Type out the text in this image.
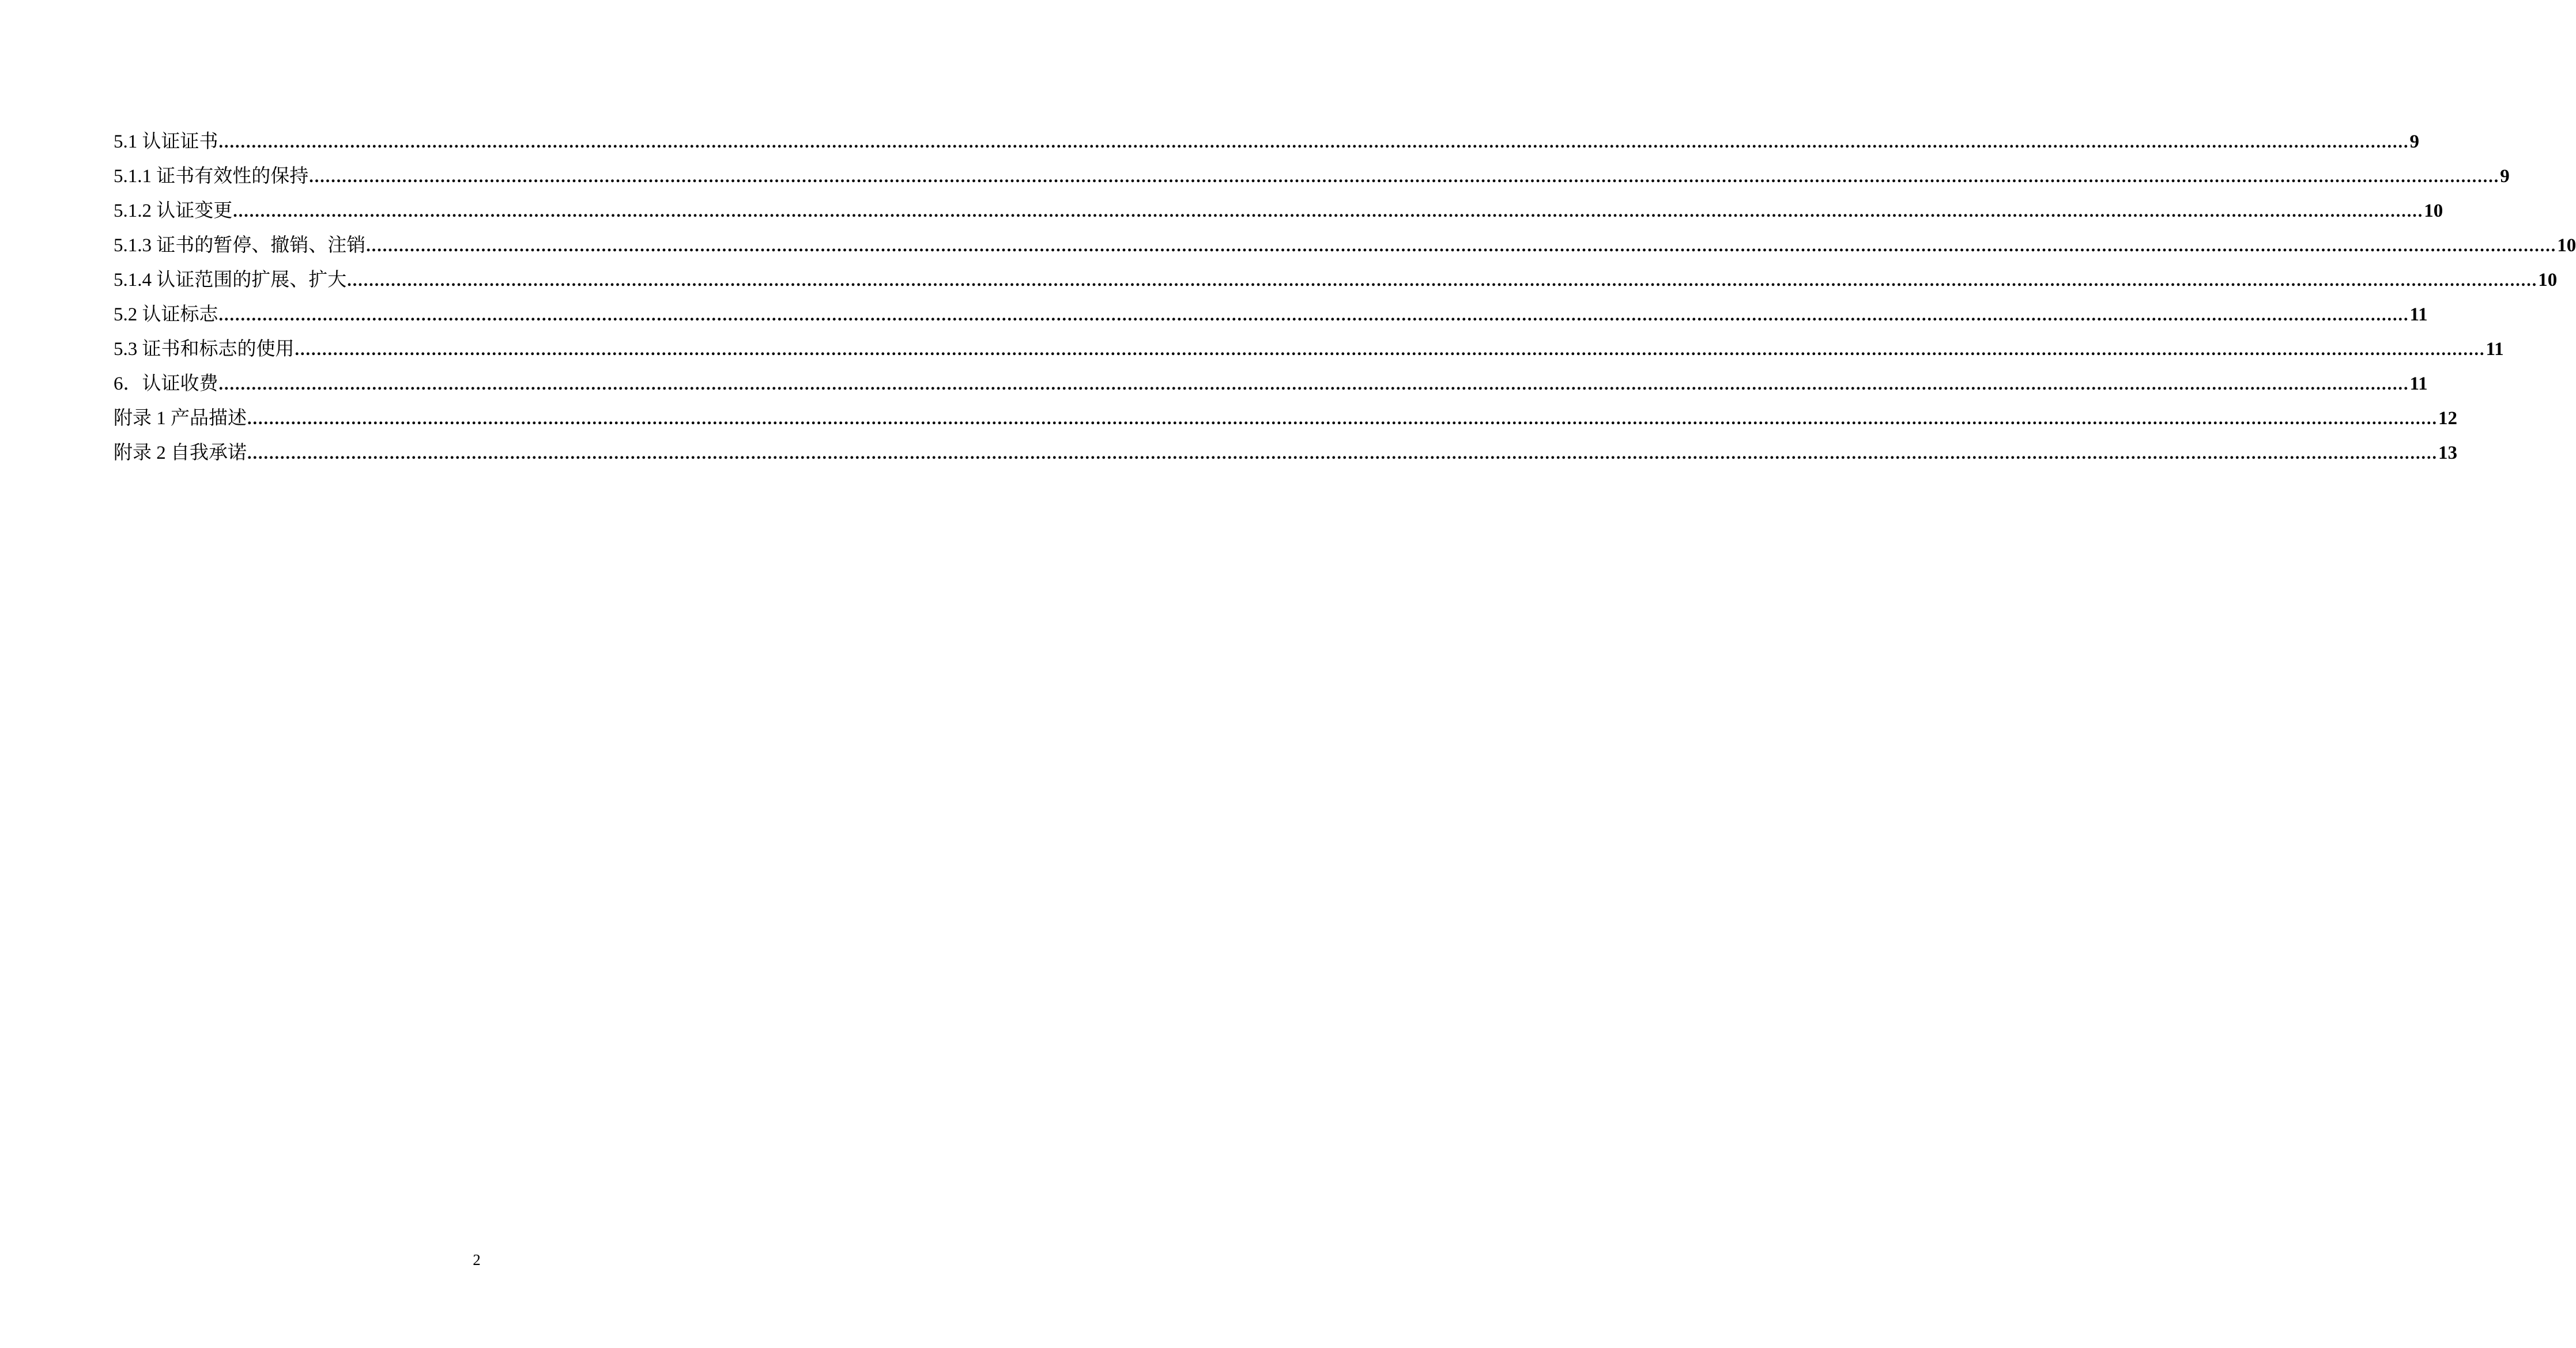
5.1 认证证书 ................................................................................................................................................................................................................................................................................................................................................................................................................ 9
5.1.1 证书有效性的保持 ................................................................................................................................................................................................................................................................................................................................................................................................................ 9
5.1.2 认证变更 ................................................................................................................................................................................................................................................................................................................................................................................................................ 10
5.1.3 证书的暂停、撤销、注销 ................................................................................................................................................................................................................................................................................................................................................................................................................ 10
5.1.4 认证范围的扩展、扩大 ................................................................................................................................................................................................................................................................................................................................................................................................................ 10
5.2 认证标志 ................................................................................................................................................................................................................................................................................................................................................................................................................ 11
5.3 证书和标志的使用 ................................................................................................................................................................................................................................................................................................................................................................................................................ 11
6．认证收费 ................................................................................................................................................................................................................................................................................................................................................................................................................ 11
附录 1 产品描述 ................................................................................................................................................................................................................................................................................................................................................................................................................ 12
附录 2 自我承诺 ................................................................................................................................................................................................................................................................................................................................................................................................................ 13
2
